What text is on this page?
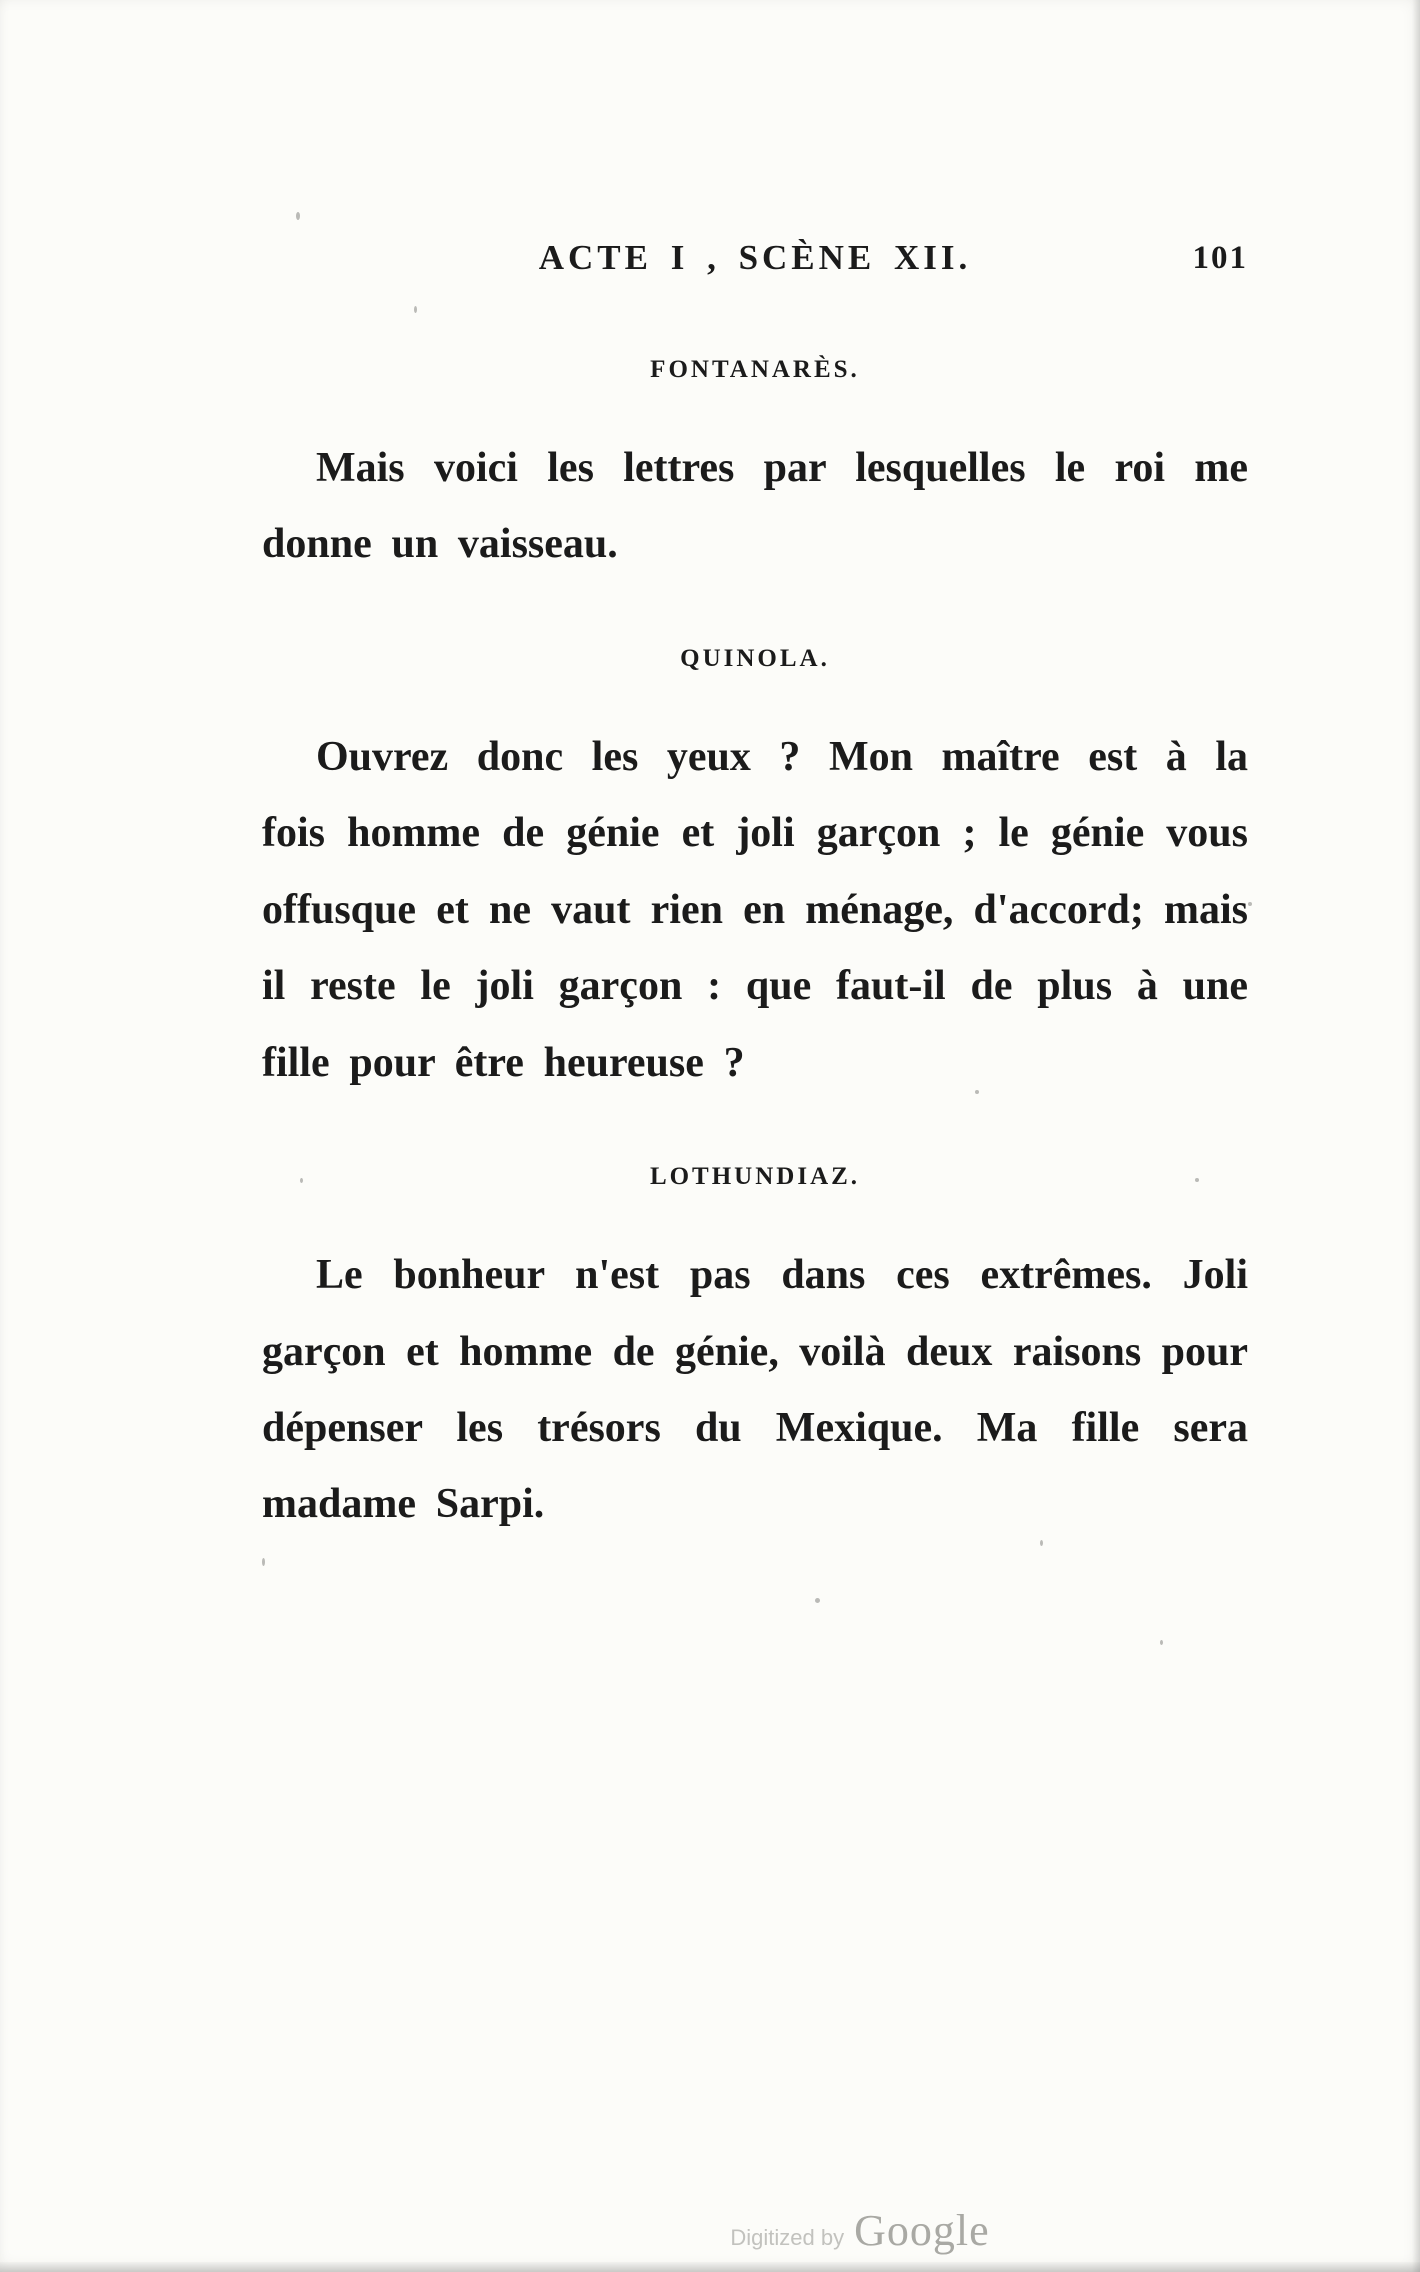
ACTE I , SCÈNE XII.	101
FONTANARÈS.

Mais voici les lettres par lesquelles le roi me donne un vaisseau.

QUINOLA.

Ouvrez donc les yeux ? Mon maître est à la fois homme de génie et joli garçon ; le génie vous offusque et ne vaut rien en ménage, d'accord; mais il reste le joli garçon : que faut-il de plus à une fille pour être heureuse ?

LOTHUNDIAZ.

Le bonheur n'est pas dans ces extrêmes. Joli garçon et homme de génie, voilà deux raisons pour dépenser les trésors du Mexique. Ma fille sera madame Sarpi.

Digitized by Google
